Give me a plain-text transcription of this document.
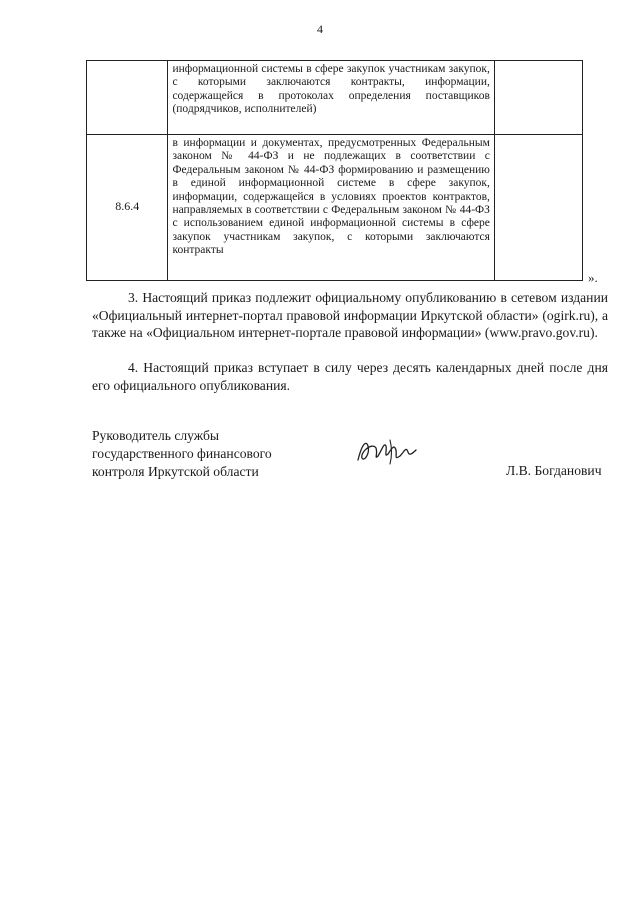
4
	информационной системы в сфере закупок участникам закупок, с которыми заключаются контракты, информации, содержащейся в протоколах определения поставщиков (подрядчиков, исполнителей)	
8.6.4	в информации и документах, предусмотренных Федеральным законом № 44-ФЗ и не подлежащих в соответствии с Федеральным законом № 44-ФЗ формированию и размещению в единой информационной системе в сфере закупок, информации, содержащейся в условиях проектов контрактов, направляемых в соответствии с Федеральным законом № 44-ФЗ с использованием единой информационной системы в сфере закупок участникам закупок, с которыми заключаются контракты	
».
3. Настоящий приказ подлежит официальному опубликованию в сетевом издании «Официальный интернет-портал правовой информации Иркутской области» (ogirk.ru), а также на «Официальном интернет-портале правовой информации» (www.pravo.gov.ru).
4. Настоящий приказ вступает в силу через десять календарных дней после дня его официального опубликования.
Руководитель службы
государственного финансового
контроля Иркутской области	Л.В. Богданович
